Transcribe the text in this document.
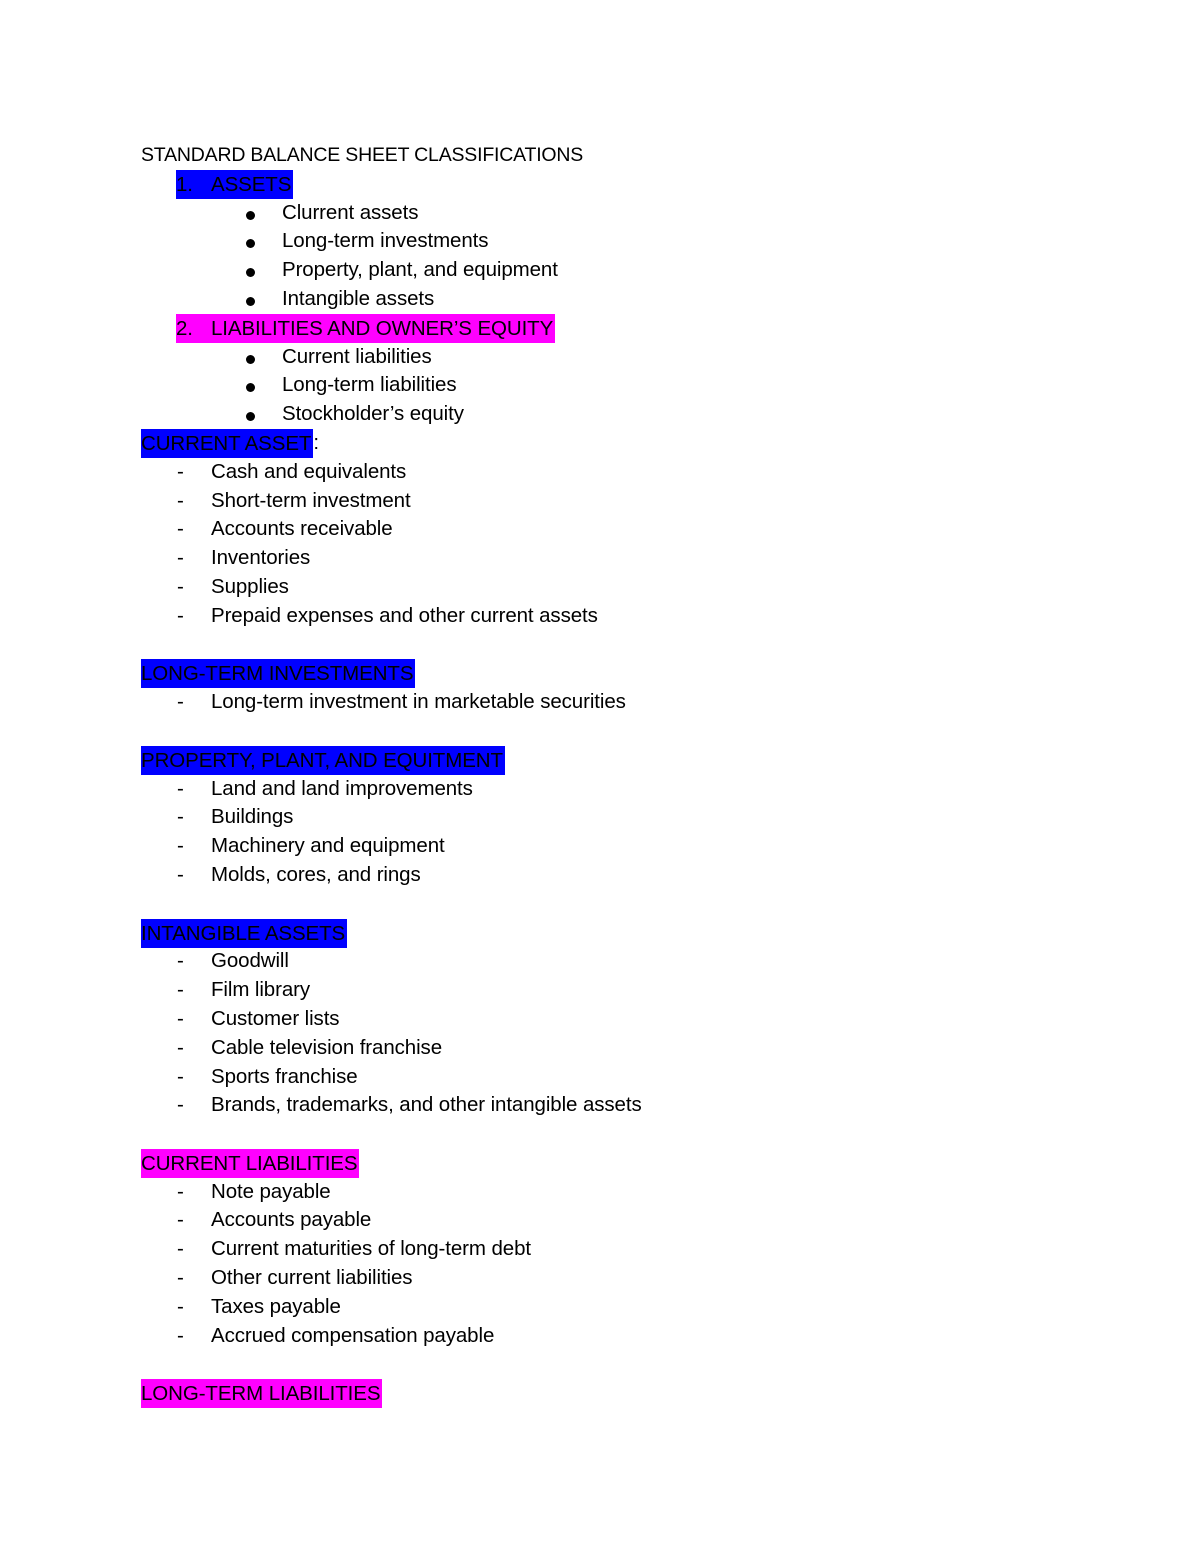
STANDARD BALANCE SHEET CLASSIFICATIONS
1. ASSETS
Clurrent assets
Long-term investments
Property, plant, and equipment
Intangible assets
2. LIABILITIES AND OWNER’S EQUITY
Current liabilities
Long-term liabilities
Stockholder’s equity
CURRENT ASSET:
- Cash and equivalents
- Short-term investment
- Accounts receivable
- Inventories
- Supplies
- Prepaid expenses and other current assets
LONG-TERM INVESTMENTS
- Long-term investment in marketable securities
PROPERTY, PLANT, AND EQUITMENT
- Land and land improvements
- Buildings
- Machinery and equipment
- Molds, cores, and rings
INTANGIBLE ASSETS
- Goodwill
- Film library
- Customer lists
- Cable television franchise
- Sports franchise
- Brands, trademarks, and other intangible assets
CURRENT LIABILITIES
- Note payable
- Accounts payable
- Current maturities of long-term debt
- Other current liabilities
- Taxes payable
- Accrued compensation payable
LONG-TERM LIABILITIES
